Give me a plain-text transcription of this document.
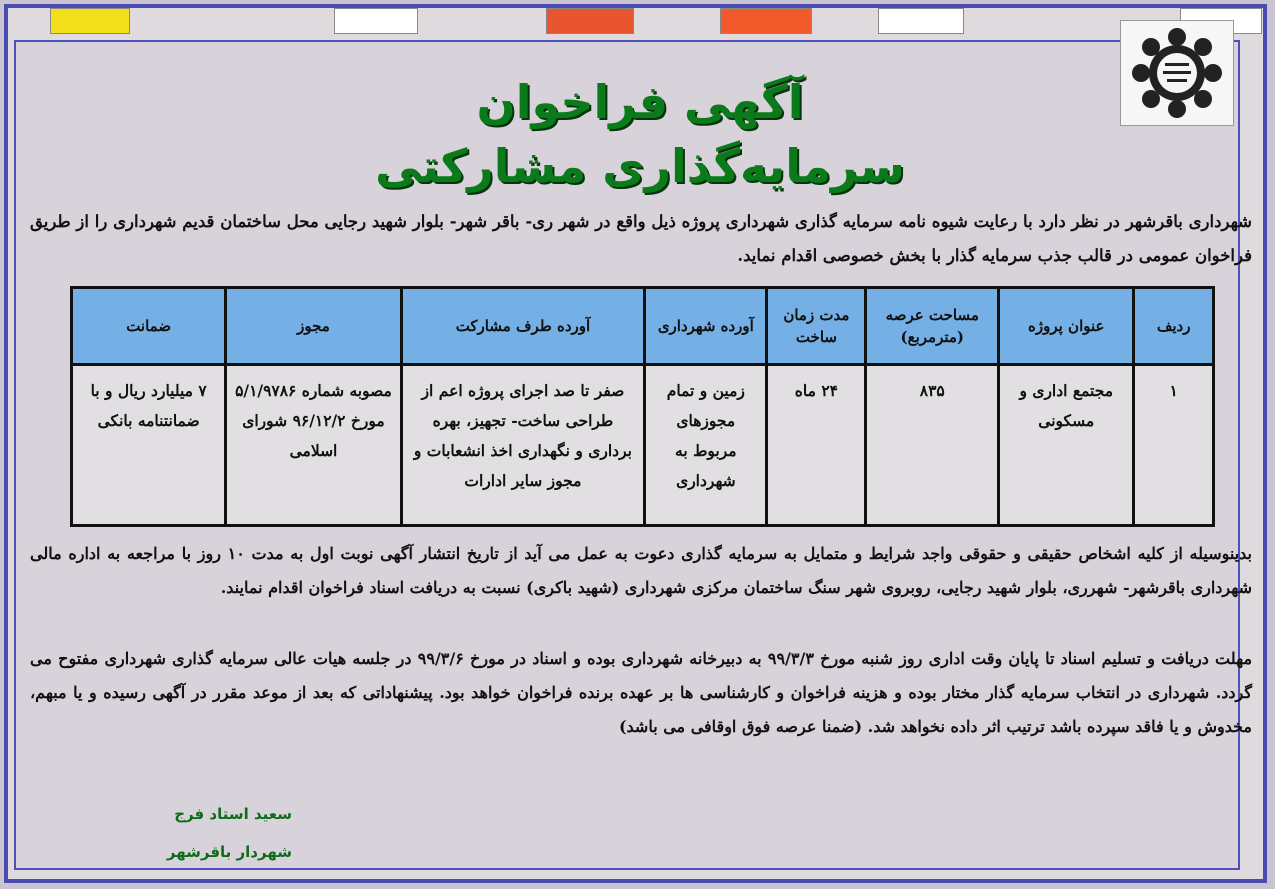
آگهی فراخوان
سرمایه‌گذاری مشارکتی
شهرداری باقرشهر در نظر دارد با رعایت شیوه نامه سرمایه گذاری شهرداری پروژه ذیل واقع در شهر ری- باقر شهر- بلوار شهید رجایی محل ساختمان قدیم شهرداری را از طریق فراخوان عمومی در قالب جذب سرمایه گذار با بخش خصوصی اقدام نماید.
ردیف	عنوان پروژه	مساحت عرصه (مترمربع)	مدت زمان ساخت	آورده شهرداری	آورده طرف مشارکت	مجوز	ضمانت
۱	مجتمع اداری و مسکونی	۸۳۵	۲۴ ماه	زمین و تمام مجوزهای مربوط به شهرداری	صفر تا صد اجرای پروژه اعم از طراحی ساخت- تجهیز، بهره برداری و نگهداری اخذ انشعابات و مجوز سایر ادارات	مصوبه شماره ۵/۱/۹۷۸۶ مورخ ۹۶/۱۲/۲ شورای اسلامی	۷ میلیارد ریال و با ضمانتنامه بانکی
بدینوسیله از کلیه اشخاص حقیقی و حقوقی واجد شرایط و متمایل به سرمایه گذاری دعوت به عمل می آید از تاریخ انتشار آگهی نوبت اول به مدت ۱۰ روز با مراجعه به اداره مالی شهرداری باقرشهر- شهرری، بلوار شهید رجایی، روبروی شهر سنگ ساختمان مرکزی شهرداری (شهید باکری) نسبت به دریافت اسناد فراخوان اقدام نمایند.
مهلت دریافت و تسلیم اسناد تا پایان وقت اداری روز شنبه مورخ ۹۹/۳/۳ به دبیرخانه شهرداری بوده و اسناد در مورخ ۹۹/۳/۶ در جلسه هیات عالی سرمایه گذاری شهرداری مفتوح می گردد. شهرداری در انتخاب سرمایه گذار مختار بوده و هزینه فراخوان و کارشناسی ها بر عهده برنده فراخوان خواهد بود. پیشنهاداتی که بعد از موعد مقرر در آگهی رسیده و یا مبهم، مخدوش و یا فاقد سپرده باشد ترتیب اثر داده نخواهد شد. (ضمنا عرصه فوق اوقافی می باشد)
سعید استاد فرج
شهردار باقرشهر
